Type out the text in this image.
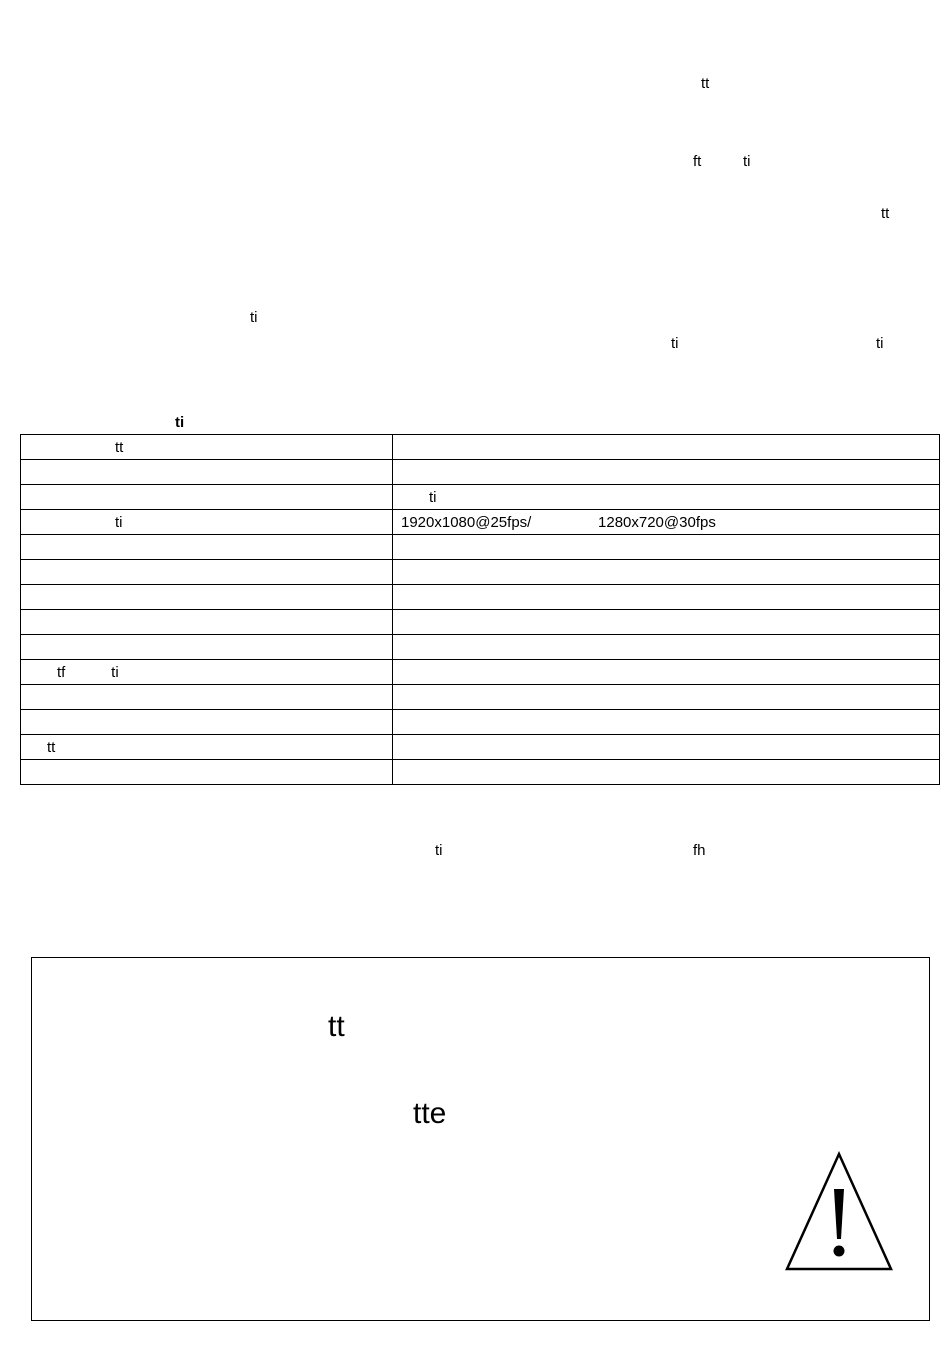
tt
ft	ti
tt
ti
ti	ti
ti
tt	

	ti
ti	1920x1080@25fps/                1280x720@30fps

tf           ti	

tt	

ti	fh
tt
tte
